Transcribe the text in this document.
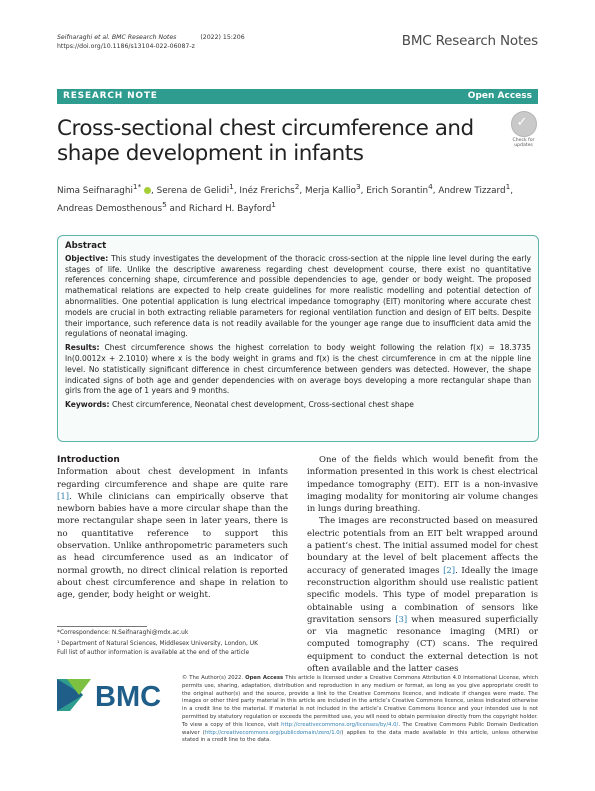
Seifnaraghi et al. BMC Research Notes	(2022) 15:206
https://doi.org/10.1186/s13104-022-06087-z	BMC Research Notes
RESEARCH NOTE	Open Access
Cross-sectional chest circumference and shape development in infants
✓
Check for
updates
Nima Seifnaraghi$^{1*}$ , Serena de Gelidi$^1$, Inéz Frerichs$^2$, Merja Kallio$^3$, Erich Sorantin$^4$, Andrew Tizzard$^1$,
Andreas Demosthenous$^5$ and Richard H. Bayford$^1$
Abstract

Objective: This study investigates the development of the thoracic cross-section at the nipple line level during the early stages of life. Unlike the descriptive awareness regarding chest development course, there exist no quantitative references concerning shape, circumference and possible dependencies to age, gender or body weight. The proposed mathematical relations are expected to help create guidelines for more realistic modelling and potential detection of abnormalities. One potential application is lung electrical impedance tomography (EIT) monitoring where accurate chest models are crucial in both extracting reliable parameters for regional ventilation function and design of EIT belts. Despite their importance, such reference data is not readily available for the younger age range due to insufficient data amid the regulations of neonatal imaging.

Results: Chest circumference shows the highest correlation to body weight following the relation f(x) = 18.3735 ln(0.0012x + 2.1010) where x is the body weight in grams and f(x) is the chest circumference in cm at the nipple line level. No statistically significant difference in chest circumference between genders was detected. However, the shape indicated signs of both age and gender dependencies with on average boys developing a more rectangular shape than girls from the age of 1 years and 9 months.

Keywords: Chest circumference, Neonatal chest development, Cross-sectional chest shape

Introduction

Information about chest development in infants regarding circumference and shape are quite rare [1]. While clinicians can empirically observe that newborn babies have a more circular shape than the more rectangular shape seen in later years, there is no quantitative reference to support this observation. Unlike anthropometric parameters such as head circumference used as an indicator of normal growth, no direct clinical relation is reported about chest circumference and shape in relation to age, gender, body height or weight.

One of the fields which would benefit from the information presented in this work is chest electrical impedance tomography (EIT). EIT is a non-invasive imaging modality for monitoring air volume changes in lungs during breathing.

The images are reconstructed based on measured electric potentials from an EIT belt wrapped around a patient’s chest. The initial assumed model for chest boundary at the level of belt placement affects the accuracy of generated images [2]. Ideally the image reconstruction algorithm should use realistic patient specific models. This type of model preparation is obtainable using a combination of sensors like gravitation sensors [3] when measured superficially or via magnetic resonance imaging (MRI) or computed tomography (CT) scans. The required equipment to conduct the external detection is not often available and the latter cases

*Correspondence: N.Seifnaraghi@mdx.ac.uk

¹ Department of Natural Sciences, Middlesex University, London, UK

Full list of author information is available at the end of the article

BMC
© The Author(s) 2022. Open Access This article is licensed under a Creative Commons Attribution 4.0 International License, which permits use, sharing, adaptation, distribution and reproduction in any medium or format, as long as you give appropriate credit to the original author(s) and the source, provide a link to the Creative Commons licence, and indicate if changes were made. The images or other third party material in this article are included in the article’s Creative Commons licence, unless indicated otherwise in a credit line to the material. If material is not included in the article’s Creative Commons licence and your intended use is not permitted by statutory regulation or exceeds the permitted use, you will need to obtain permission directly from the copyright holder. To view a copy of this licence, visit http://creativecommons.org/licenses/by/4.0/. The Creative Commons Public Domain Dedication waiver (http://creativecommons.org/publicdomain/zero/1.0/) applies to the data made available in this article, unless otherwise stated in a credit line to the data.
